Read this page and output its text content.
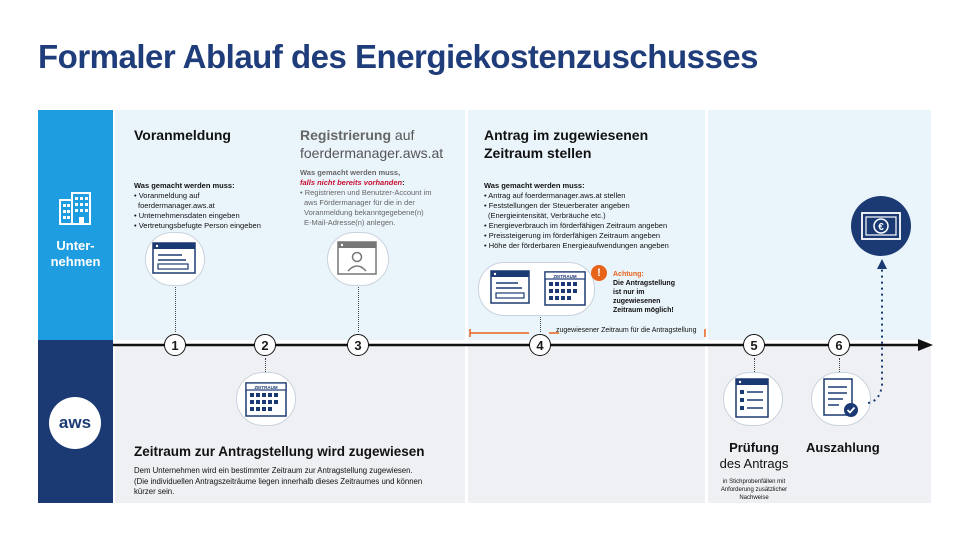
Formaler Ablauf des Energiekostenzuschusses
Unter-
nehmen
aws
zugewiesener Zeitraum für die Antragstellung
1	2	3	4	5	6
Voranmeldung
Was gemacht werden muss:
• Voranmeldung auf
foerdermanager.aws.at
• Unternehmensdaten eingeben
• Vertretungsbefugte Person eingeben
Registrierung auf
foerdermanager.aws.at
Was gemacht werden muss,
falls nicht bereits vorhanden:
• Registrieren und Benutzer-Account im
aws Fördermanager für die in der
Voranmeldung bekanntgegebene(n)
E-Mail-Adresse(n) anlegen.
Antrag im zugewiesenen
Zeitraum stellen
Was gemacht werden muss:
• Antrag auf foerdermanager.aws.at stellen
• Feststellungen der Steuerberater angeben
(Energieintensität, Verbräuche etc.)
• Energieverbrauch im förderfähigen Zeitraum angeben
• Preissteigerung im förderfähigen Zeitraum angeben
• Höhe der förderbaren Energieaufwendungen angeben
ZEITRAUM	!	Achtung:
Die Antragstellung
ist nur im
zugewiesenen
Zeitraum möglich!
ZEITRAUM
Zeitraum zur Antragstellung wird zugewiesen
Dem Unternehmen wird ein bestimmter Zeitraum zur Antragstellung zugewiesen.
(Die individuellen Antragszeiträume liegen innerhalb dieses Zeitraumes und können
kürzer sein.
Prüfung
des Antrags
in Stichprobenfällen mit
Anforderung zusätzlicher
Nachweise
Auszahlung
€
